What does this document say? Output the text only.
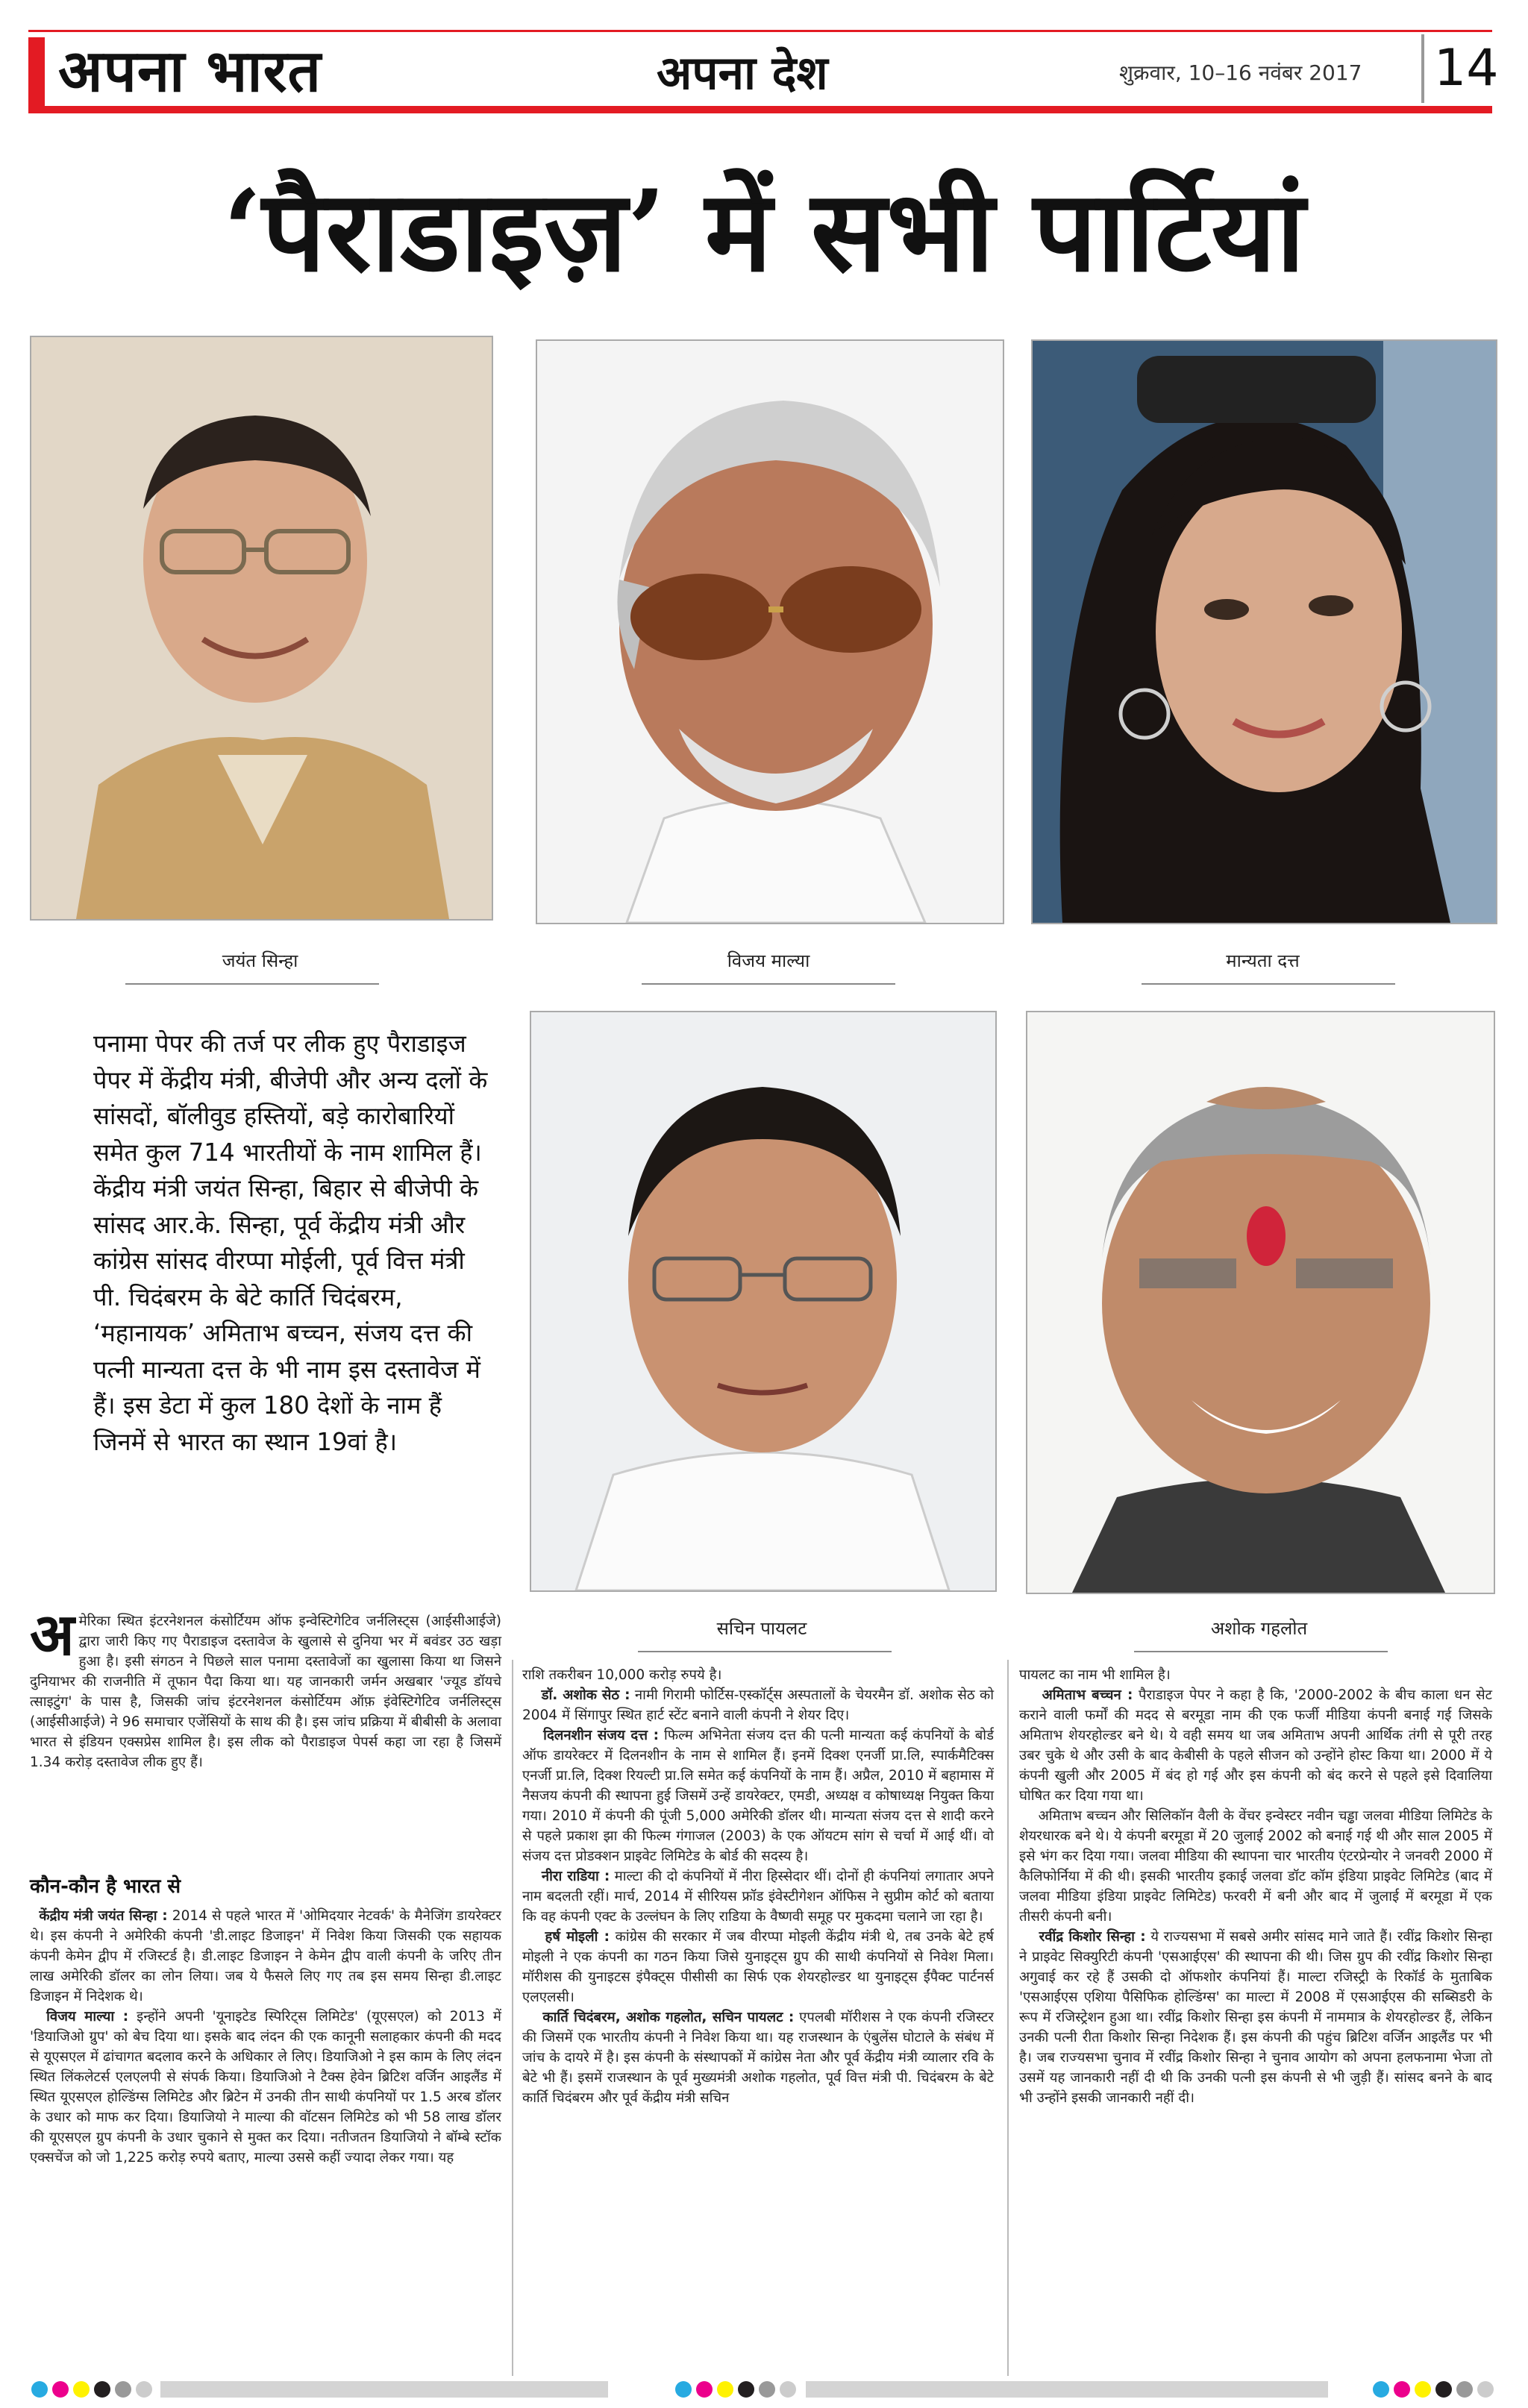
अपना भारत	अपना देश	शुक्रवार, 10–16 नवंबर 2017 14
‘पैराडाइज़’ में सभी पार्टियां
जयंत सिन्हा	विजय माल्या	मान्यता दत्त
सचिन पायलट	अशोक गहलोत
पनामा पेपर की तर्ज पर लीक हुए पैराडाइज पेपर में केंद्रीय मंत्री, बीजेपी और अन्य दलों के सांसदों, बॉलीवुड हस्तियों, बड़े कारोबारियों समेत कुल 714 भारतीयों के नाम शामिल हैं। केंद्रीय मंत्री जयंत सिन्हा, बिहार से बीजेपी के सांसद आर.के. सिन्हा, पूर्व केंद्रीय मंत्री और कांग्रेस सांसद वीरप्पा मोईली, पूर्व वित्त मंत्री पी. चिदंबरम के बेटे कार्ति चिदंबरम, ‘महानायक’ अमिताभ बच्चन, संजय दत्त की पत्नी मान्यता दत्त के भी नाम इस दस्तावेज में हैं। इस डेटा में कुल 180 देशों के नाम हैं जिनमें से भारत का स्थान 19वां है।
अमेरिका स्थित इंटरनेशनल कंसोर्टियम ऑफ इन्वेस्टिगेटिव जर्नलिस्ट्स (आईसीआईजे) द्वारा जारी किए गए पैराडाइज दस्तावेज के खुलासे से दुनिया भर में बवंडर उठ खड़ा हुआ है। इसी संगठन ने पिछले साल पनामा दस्तावेजों का खुलासा किया था जिसने दुनियाभर की राजनीति में तूफान पैदा किया था। यह जानकारी जर्मन अखबार 'ज्यूड डॉयचे त्साइटुंग' के पास है, जिसकी जांच इंटरनेशनल कंसोर्टियम ऑफ़ इंवेस्टिगेटिव जर्नलिस्ट्स (आईसीआईजे) ने 96 समाचार एजेंसियों के साथ की है। इस जांच प्रक्रिया में बीबीसी के अलावा भारत से इंडियन एक्सप्रेस शामिल है। इस लीक को पैराडाइज पेपर्स कहा जा रहा है जिसमें 1.34 करोड़ दस्तावेज लीक हुए हैं।
कौन-कौन है भारत से

केंद्रीय मंत्री जयंत सिन्हा : 2014 से पहले भारत में 'ओमिदयार नेटवर्क' के मैनेजिंग डायरेक्टर थे। इस कंपनी ने अमेरिकी कंपनी 'डी.लाइट डिजाइन' में निवेश किया जिसकी एक सहायक कंपनी केमेन द्वीप में रजिस्टर्ड है। डी.लाइट डिजाइन ने केमेन द्वीप वाली कंपनी के जरिए तीन लाख अमेरिकी डॉलर का लोन लिया। जब ये फैसले लिए गए तब इस समय सिन्हा डी.लाइट डिजाइन में निदेशक थे।

विजय माल्या : इन्होंने अपनी 'यूनाइटेड स्पिरिट्स लिमिटेड' (यूएसएल) को 2013 में 'डियाजिओ ग्रुप' को बेच दिया था। इसके बाद लंदन की एक कानूनी सलाहकार कंपनी की मदद से यूएसएल में ढांचागत बदलाव करने के अधिकार ले लिए। डियाजिओ ने इस काम के लिए लंदन स्थित लिंकलेटर्स एलएलपी से संपर्क किया। डियाजिओ ने टैक्स हेवेन ब्रिटिश वर्जिन आइलैंड में स्थित यूएसएल होल्डिंग्स लिमिटेड और ब्रिटेन में उनकी तीन साथी कंपनियों पर 1.5 अरब डॉलर के उधार को माफ कर दिया। डियाजियो ने माल्या की वॉटसन लिमिटेड को भी 58 लाख डॉलर की यूएसएल ग्रुप कंपनी के उधार चुकाने से मुक्त कर दिया। नतीजतन डियाजियो ने बॉम्बे स्टॉक एक्सचेंज को जो 1,225 करोड़ रुपये बताए, माल्या उससे कहीं ज्यादा लेकर गया। यह

राशि तकरीबन 10,000 करोड़ रुपये है।

डॉ. अशोक सेठ : नामी गिरामी फोर्टिस-एस्कॉर्ट्स अस्पतालों के चेयरमैन डॉ. अशोक सेठ को 2004 में सिंगापुर स्थित हार्ट स्टेंट बनाने वाली कंपनी ने शेयर दिए।

दिलनशीन संजय दत्त : फिल्म अभिनेता संजय दत्त की पत्नी मान्यता कई कंपनियों के बोर्ड ऑफ डायरेक्टर में दिलनशीन के नाम से शामिल हैं। इनमें दिक्श एनर्जी प्रा.लि, स्पार्कमैटिक्स एनर्जी प्रा.लि, दिक्श रियल्टी प्रा.लि समेत कई कंपनियों के नाम हैं। अप्रैल, 2010 में बहामास में नैसजय कंपनी की स्थापना हुई जिसमें उन्हें डायरेक्टर, एमडी, अध्यक्ष व कोषाध्यक्ष नियुक्त किया गया। 2010 में कंपनी की पूंजी 5,000 अमेरिकी डॉलर थी। मान्यता संजय दत्त से शादी करने से पहले प्रकाश झा की फिल्म गंगाजल (2003) के एक ऑयटम सांग से चर्चा में आई थीं। वो संजय दत्त प्रोडक्शन प्राइवेट लिमिटेड के बोर्ड की सदस्य है।

नीरा राडिया : माल्टा की दो कंपनियों में नीरा हिस्सेदार थीं। दोनों ही कंपनियां लगातार अपने नाम बदलती रहीं। मार्च, 2014 में सीरियस फ्रॉड इंवेस्टीगेशन ऑफिस ने सुप्रीम कोर्ट को बताया कि वह कंपनी एक्ट के उल्लंघन के लिए राडिया के वैष्णवी समूह पर मुकदमा चलाने जा रहा है।

हर्ष मोइली : कांग्रेस की सरकार में जब वीरप्पा मोइली केंद्रीय मंत्री थे, तब उनके बेटे हर्ष मोइली ने एक कंपनी का गठन किया जिसे युनाइट्स ग्रुप की साथी कंपनियों से निवेश मिला। मॉरीशस की युनाइटस इंपैक्ट्स पीसीसी का सिर्फ एक शेयरहोल्डर था युनाइट्स ईंपैक्ट पार्टनर्स एलएलसी।

कार्ति चिदंबरम, अशोक गहलोत, सचिन पायलट : एपलबी मॉरीशस ने एक कंपनी रजिस्टर की जिसमें एक भारतीय कंपनी ने निवेश किया था। यह राजस्थान के एंबुलेंस घोटाले के संबंध में जांच के दायरे में है। इस कंपनी के संस्थापकों में कांग्रेस नेता और पूर्व केंद्रीय मंत्री व्यालार रवि के बेटे भी हैं। इसमें राजस्थान के पूर्व मुख्यमंत्री अशोक गहलोत, पूर्व वित्त मंत्री पी. चिदंबरम के बेटे कार्ति चिदंबरम और पूर्व केंद्रीय मंत्री सचिन

पायलट का नाम भी शामिल है।

अमिताभ बच्चन : पैराडाइज पेपर ने कहा है कि, '2000-2002 के बीच काला धन सेट कराने वाली फर्मों की मदद से बरमूडा नाम की एक फर्जी मीडिया कंपनी बनाई गई जिसके अमिताभ शेयरहोल्डर बने थे। ये वही समय था जब अमिताभ अपनी आर्थिक तंगी से पूरी तरह उबर चुके थे और उसी के बाद केबीसी के पहले सीजन को उन्होंने होस्ट किया था। 2000 में ये कंपनी खुली और 2005 में बंद हो गई और इस कंपनी को बंद करने से पहले इसे दिवालिया घोषित कर दिया गया था।

अमिताभ बच्चन और सिलिकॉन वैली के वेंचर इन्वेस्टर नवीन चड्ढा जलवा मीडिया लिमिटेड के शेयरधारक बने थे। ये कंपनी बरमूडा में 20 जुलाई 2002 को बनाई गई थी और साल 2005 में इसे भंग कर दिया गया। जलवा मीडिया की स्थापना चार भारतीय एंटरप्रेन्योर ने जनवरी 2000 में कैलिफोर्निया में की थी। इसकी भारतीय इकाई जलवा डॉट कॉम इंडिया प्राइवेट लिमिटेड (बाद में जलवा मीडिया इंडिया प्राइवेट लिमिटेड) फरवरी में बनी और बाद में जुलाई में बरमूडा में एक तीसरी कंपनी बनी।

रवींद्र किशोर सिन्हा : ये राज्यसभा में सबसे अमीर सांसद माने जाते हैं। रवींद्र किशोर सिन्हा ने प्राइवेट सिक्युरिटी कंपनी 'एसआईएस' की स्थापना की थी। जिस ग्रुप की रवींद्र किशोर सिन्हा अगुवाई कर रहे हैं उसकी दो ऑफशोर कंपनियां हैं। माल्टा रजिस्ट्री के रिकॉर्ड के मुताबिक 'एसआईएस एशिया पैसिफिक होल्डिंग्स' का माल्टा में 2008 में एसआईएस की सब्सिडरी के रूप में रजिस्ट्रेशन हुआ था। रवींद्र किशोर सिन्हा इस कंपनी में नाममात्र के शेयरहोल्डर हैं, लेकिन उनकी पत्नी रीता किशोर सिन्हा निदेशक हैं। इस कंपनी की पहुंच ब्रिटिश वर्जिन आइलैंड पर भी है। जब राज्यसभा चुनाव में रवींद्र किशोर सिन्हा ने चुनाव आयोग को अपना हलफनामा भेजा तो उसमें यह जानकारी नहीं दी थी कि उनकी पत्नी इस कंपनी से भी जुड़ी हैं। सांसद बनने के बाद भी उन्होंने इसकी जानकारी नहीं दी।
